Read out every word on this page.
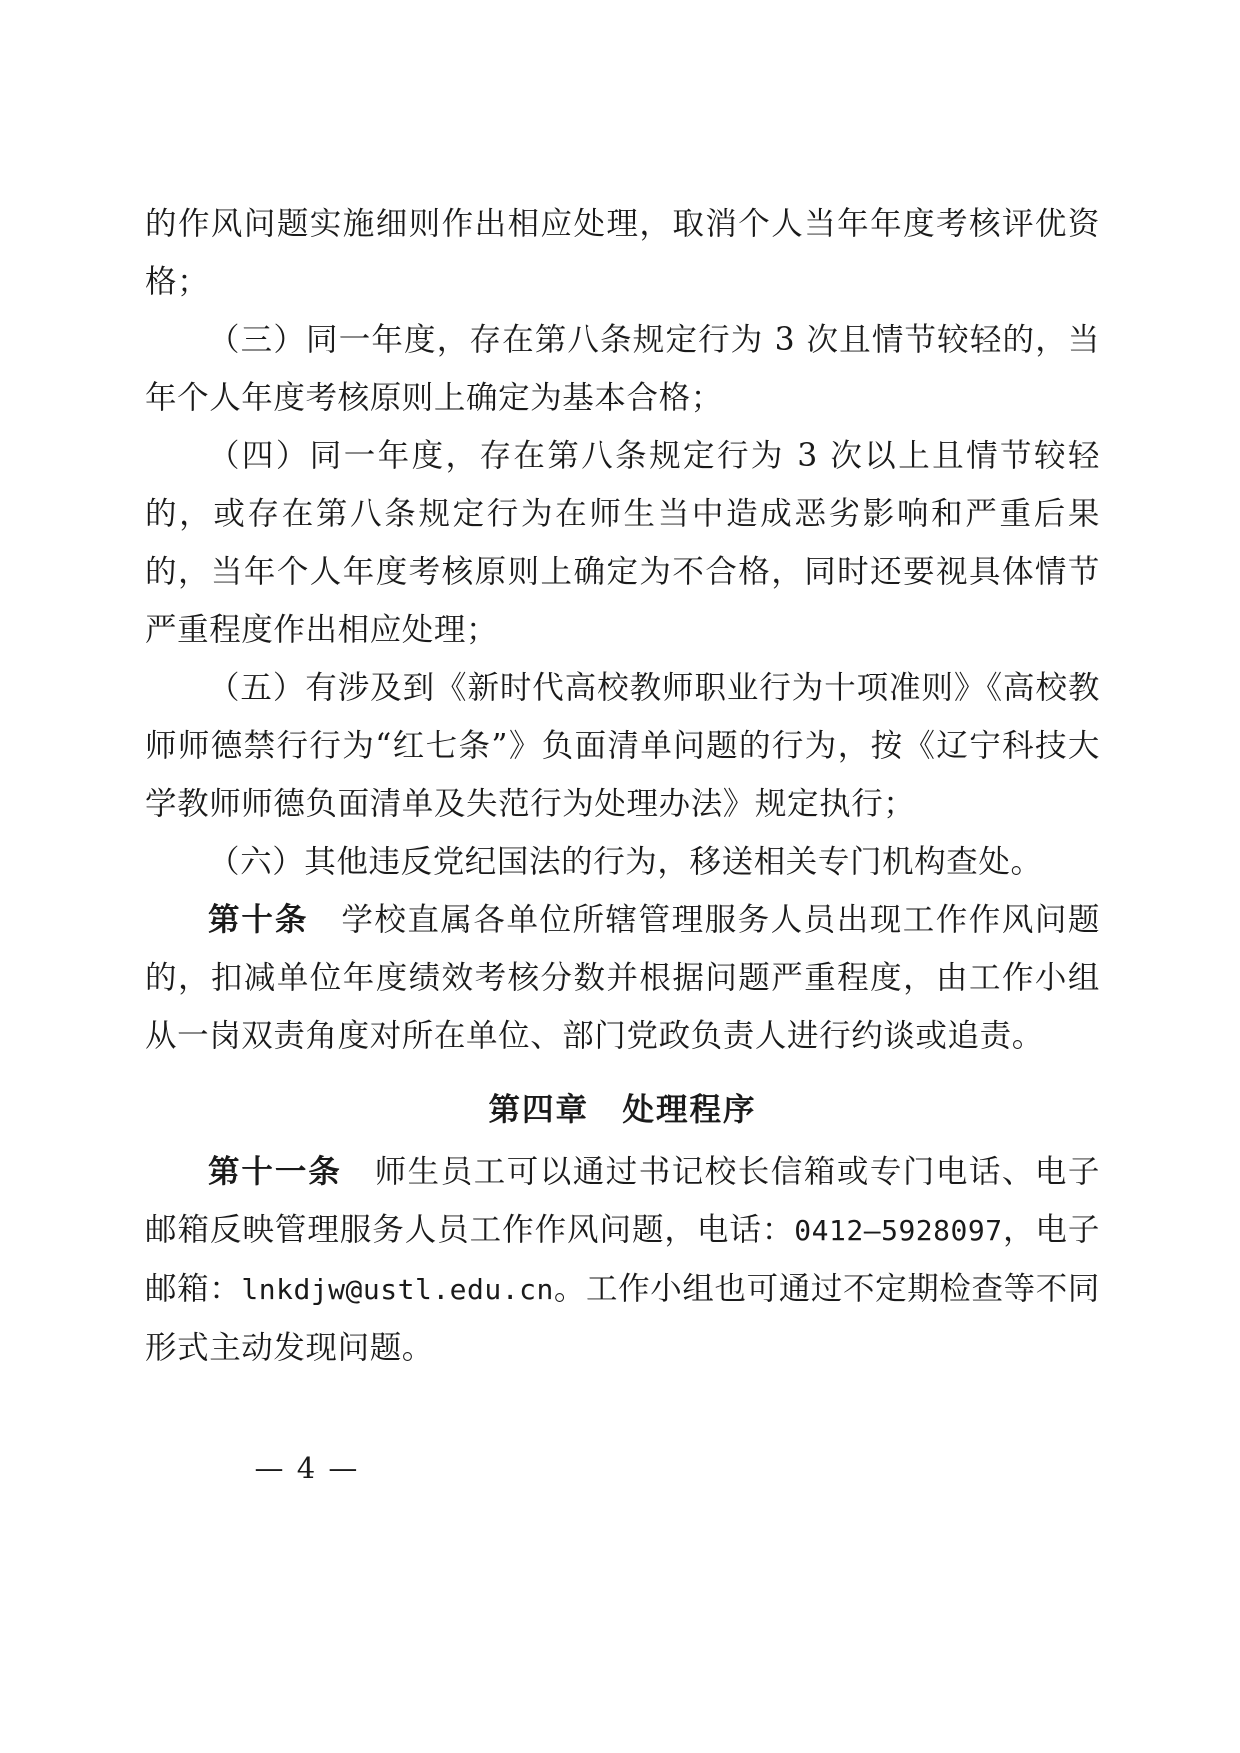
的作风问题实施细则作出相应处理，取消个人当年年度考核评优资格；

（三）同一年度，存在第八条规定行为 3 次且情节较轻的，当年个人年度考核原则上确定为基本合格；

（四）同一年度，存在第八条规定行为 3 次以上且情节较轻的，或存在第八条规定行为在师生当中造成恶劣影响和严重后果的，当年个人年度考核原则上确定为不合格，同时还要视具体情节严重程度作出相应处理；

（五）有涉及到《新时代高校教师职业行为十项准则》《高校教师师德禁行行为“红七条”》负面清单问题的行为，按《辽宁科技大学教师师德负面清单及失范行为处理办法》规定执行；

（六）其他违反党纪国法的行为，移送相关专门机构查处。

第十条　 学校直属各单位所辖管理服务人员出现工作作风问题的，扣减单位年度绩效考核分数并根据问题严重程度，由工作小组从一岗双责角度对所在单位、部门党政负责人进行约谈或追责。

第四章　处理程序

第十一条　 师生员工可以通过书记校长信箱或专门电话、电子邮箱反映管理服务人员工作作风问题，电话：0412—5928097，电子邮箱：lnkdjw@ustl.edu.cn。工作小组也可通过不定期检查等不同形式主动发现问题。

— 4 —
